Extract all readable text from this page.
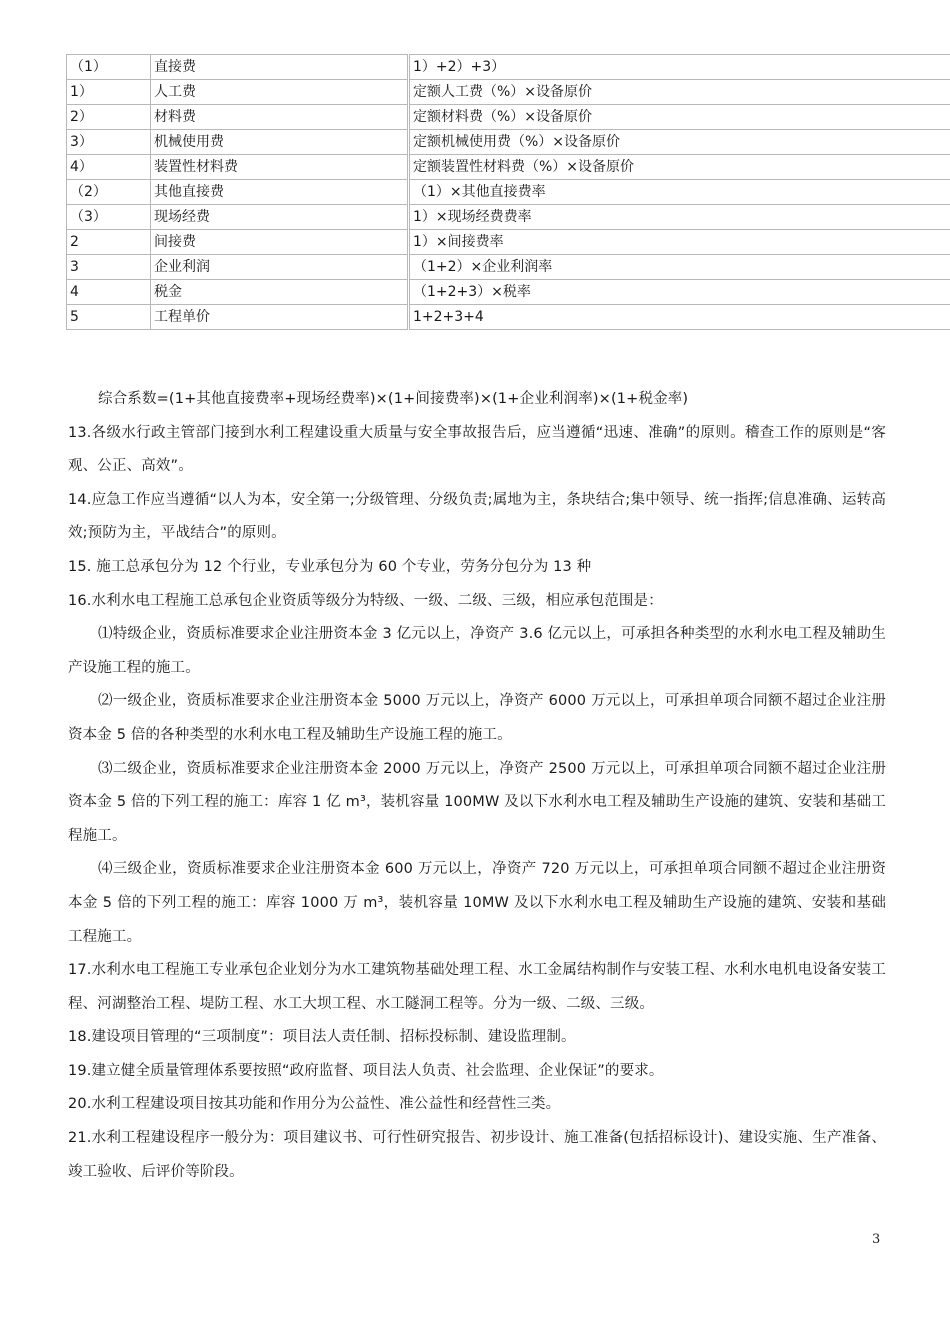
（1）	直接费	1）+2）+3）
1）	人工费	定额人工费（%）×设备原价
2）	材料费	定额材料费（%）×设备原价
3）	机械使用费	定额机械使用费（%）×设备原价
4）	装置性材料费	定额装置性材料费（%）×设备原价
（2）	其他直接费	（1）×其他直接费率
（3）	现场经费	1）×现场经费费率
2	间接费	1）×间接费率
3	企业利润	（1+2）×企业利润率
4	税金	（1+2+3）×税率
5	工程单价	1+2+3+4

综合系数=(1+其他直接费率+现场经费率)×(1+间接费率)×(1+企业利润率)×(1+税金率)

13.各级水行政主管部门接到水利工程建设重大质量与安全事故报告后，应当遵循“迅速、准确”的原则。稽查工作的原则是“客观、公正、高效”。

14.应急工作应当遵循“以人为本，安全第一;分级管理、分级负责;属地为主，条块结合;集中领导、统一指挥;信息准确、运转高效;预防为主，平战结合”的原则。

15. 施工总承包分为 12 个行业，专业承包分为 60 个专业，劳务分包分为 13 种

16.水利水电工程施工总承包企业资质等级分为特级、一级、二级、三级，相应承包范围是：

⑴特级企业，资质标准要求企业注册资本金 3 亿元以上，净资产 3.6 亿元以上，可承担各种类型的水利水电工程及辅助生产设施工程的施工。

⑵一级企业，资质标准要求企业注册资本金 5000 万元以上，净资产 6000 万元以上，可承担单项合同额不超过企业注册资本金 5 倍的各种类型的水利水电工程及辅助生产设施工程的施工。

⑶二级企业，资质标准要求企业注册资本金 2000 万元以上，净资产 2500 万元以上，可承担单项合同额不超过企业注册资本金 5 倍的下列工程的施工：库容 1 亿 m³，装机容量 100MW 及以下水利水电工程及辅助生产设施的建筑、安装和基础工程施工。

⑷三级企业，资质标准要求企业注册资本金 600 万元以上，净资产 720 万元以上，可承担单项合同额不超过企业注册资本金 5 倍的下列工程的施工：库容 1000 万 m³，装机容量 10MW 及以下水利水电工程及辅助生产设施的建筑、安装和基础工程施工。

17.水利水电工程施工专业承包企业划分为水工建筑物基础处理工程、水工金属结构制作与安装工程、水利水电机电设备安装工程、河湖整治工程、堤防工程、水工大坝工程、水工隧洞工程等。分为一级、二级、三级。

18.建设项目管理的“三项制度”：项目法人责任制、招标投标制、建设监理制。

19.建立健全质量管理体系要按照“政府监督、项目法人负责、社会监理、企业保证”的要求。

20.水利工程建设项目按其功能和作用分为公益性、准公益性和经营性三类。

21.水利工程建设程序一般分为：项目建议书、可行性研究报告、初步设计、施工准备(包括招标设计)、建设实施、生产准备、竣工验收、后评价等阶段。

3
